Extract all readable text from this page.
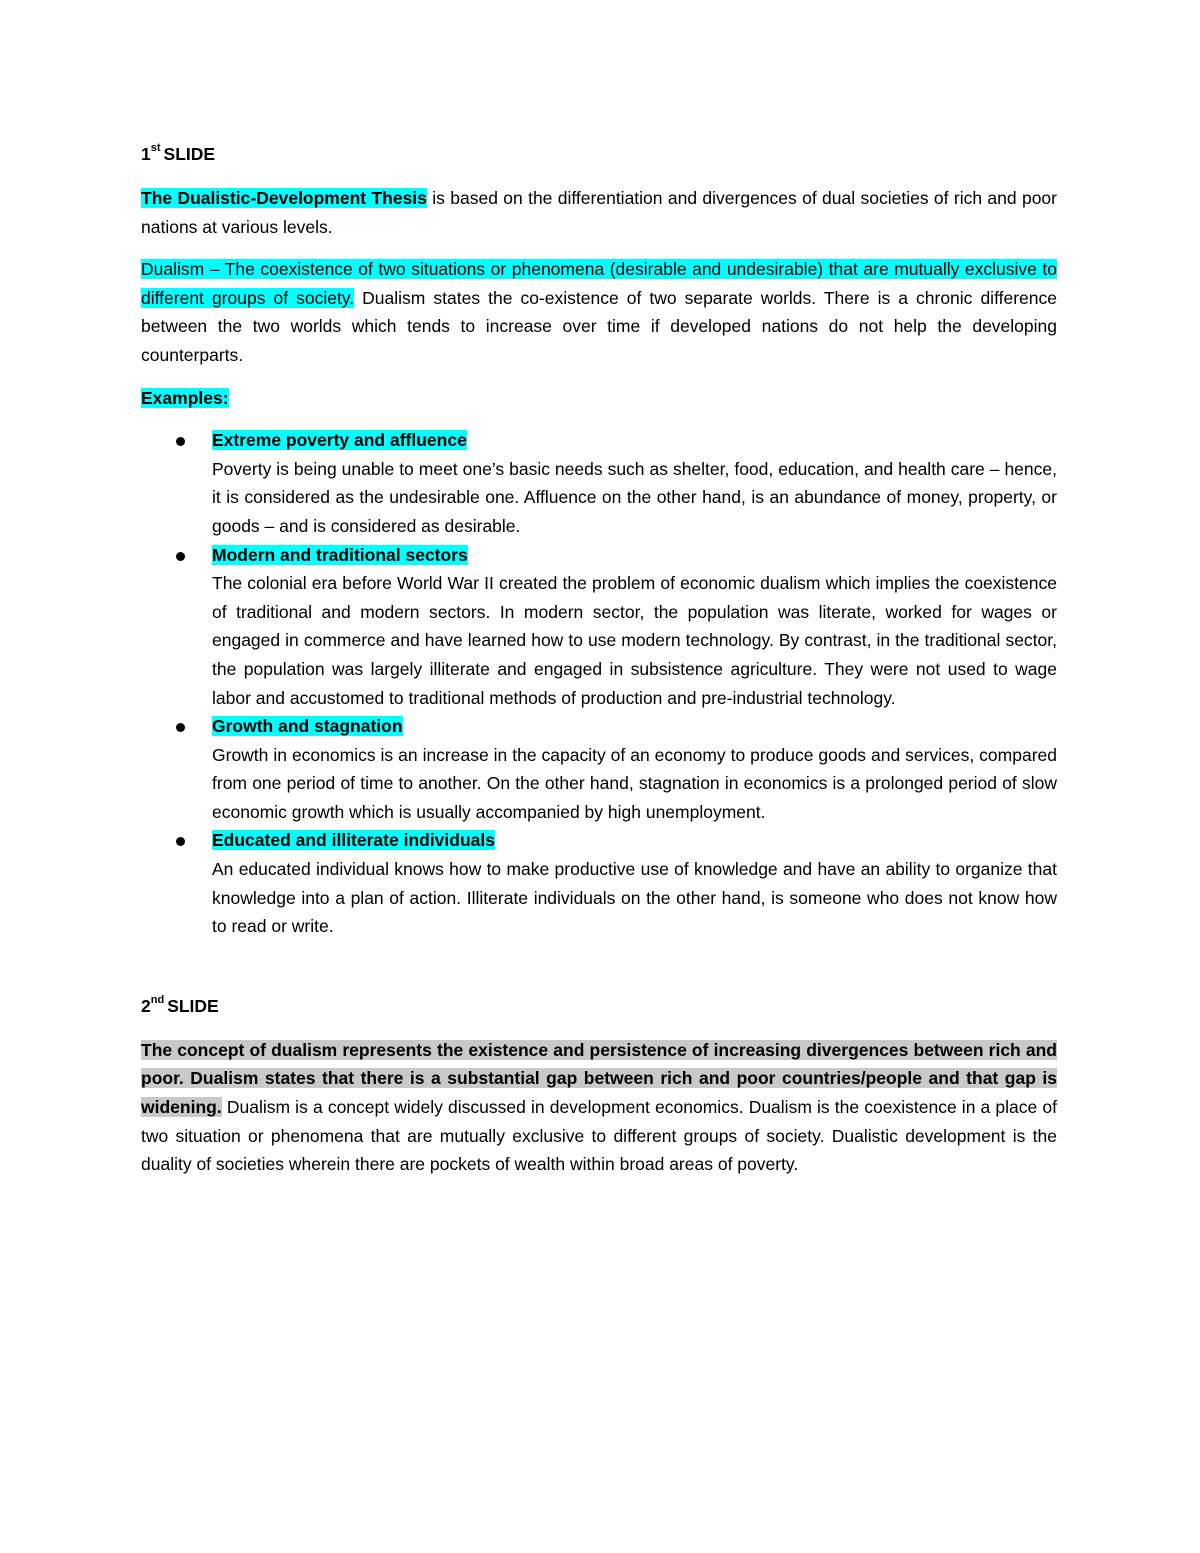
1st SLIDE

The Dualistic-Development Thesis is based on the differentiation and divergences of dual societies of rich and poor nations at various levels.

Dualism – The coexistence of two situations or phenomena (desirable and undesirable) that are mutually exclusive to different groups of society. Dualism states the co-existence of two separate worlds. There is a chronic difference between the two worlds which tends to increase over time if developed nations do not help the developing counterparts.

Examples:
Extreme poverty and affluence
Poverty is being unable to meet one’s basic needs such as shelter, food, education, and health care – hence, it is considered as the undesirable one. Affluence on the other hand, is an abundance of money, property, or goods – and is considered as desirable.
Modern and traditional sectors
The colonial era before World War II created the problem of economic dualism which implies the coexistence of traditional and modern sectors. In modern sector, the population was literate, worked for wages or engaged in commerce and have learned how to use modern technology. By contrast, in the traditional sector, the population was largely illiterate and engaged in subsistence agriculture. They were not used to wage labor and accustomed to traditional methods of production and pre-industrial technology.
Growth and stagnation
Growth in economics is an increase in the capacity of an economy to produce goods and services, compared from one period of time to another. On the other hand, stagnation in economics is a prolonged period of slow economic growth which is usually accompanied by high unemployment.
Educated and illiterate individuals
An educated individual knows how to make productive use of knowledge and have an ability to organize that knowledge into a plan of action. Illiterate individuals on the other hand, is someone who does not know how to read or write.
2nd SLIDE

The concept of dualism represents the existence and persistence of increasing divergences between rich and poor. Dualism states that there is a substantial gap between rich and poor countries/people and that gap is widening. Dualism is a concept widely discussed in development economics. Dualism is the coexistence in a place of two situation or phenomena that are mutually exclusive to different groups of society. Dualistic development is the duality of societies wherein there are pockets of wealth within broad areas of poverty.
